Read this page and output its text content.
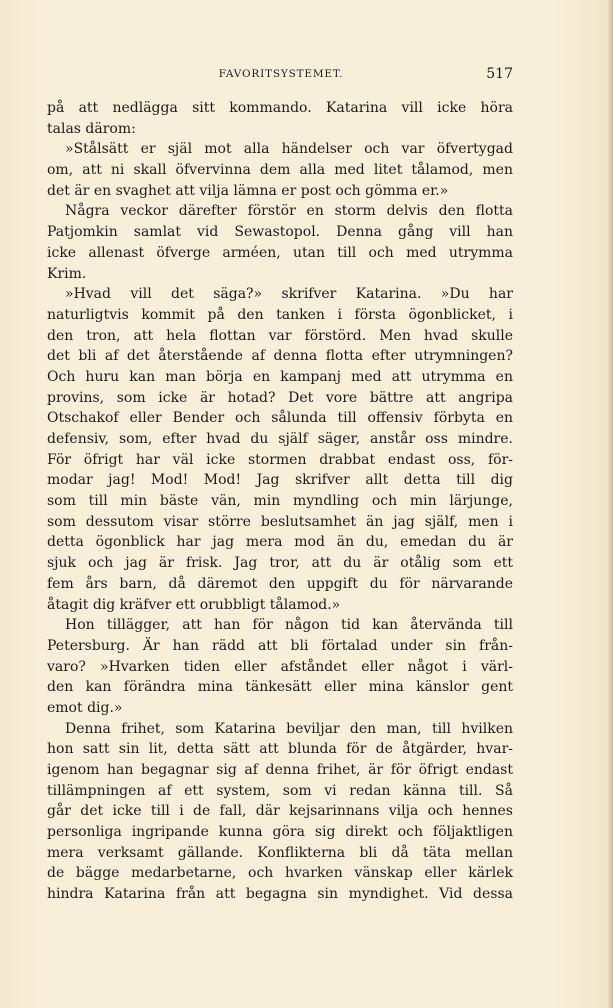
FAVORITSYSTEMET.	517
på att nedlägga sitt kommando. Katarina vill icke höra
talas därom:
»Stålsätt er själ mot alla händelser och var öfvertygad
om, att ni skall öfvervinna dem alla med litet tålamod, men
det är en svaghet att vilja lämna er post och gömma er.»
Några veckor därefter förstör en storm delvis den flotta
Patjomkin samlat vid Sewastopol. Denna gång vill han
icke allenast öfverge arméen, utan till och med utrymma
Krim.
»Hvad vill det säga?» skrifver Katarina. »Du har
naturligtvis kommit på den tanken i första ögonblicket, i
den tron, att hela flottan var förstörd. Men hvad skulle
det bli af det återstående af denna flotta efter utrymningen?
Och huru kan man börja en kampanj med att utrymma en
provins, som icke är hotad? Det vore bättre att angripa
Otschakof eller Bender och sålunda till offensiv förbyta en
defensiv, som, efter hvad du själf säger, anstår oss mindre.
För öfrigt har väl icke stormen drabbat endast oss, för-
modar jag! Mod! Mod! Jag skrifver allt detta till dig
som till min bäste vän, min myndling och min lärjunge,
som dessutom visar större beslutsamhet än jag själf, men i
detta ögonblick har jag mera mod än du, emedan du är
sjuk och jag är frisk. Jag tror, att du är otålig som ett
fem års barn, då däremot den uppgift du för närvarande
åtagit dig kräfver ett orubbligt tålamod.»
Hon tillägger, att han för någon tid kan återvända till
Petersburg. Är han rädd att bli förtalad under sin från-
varo? »Hvarken tiden eller afståndet eller något i värl-
den kan förändra mina tänkesätt eller mina känslor gent
emot dig.»
Denna frihet, som Katarina beviljar den man, till hvilken
hon satt sin lit, detta sätt att blunda för de åtgärder, hvar-
igenom han begagnar sig af denna frihet, är för öfrigt endast
tillämpningen af ett system, som vi redan känna till. Så
går det icke till i de fall, där kejsarinnans vilja och hennes
personliga ingripande kunna göra sig direkt och följaktligen
mera verksamt gällande. Konflikterna bli då täta mellan
de bägge medarbetarne, och hvarken vänskap eller kärlek
hindra Katarina från att begagna sin myndighet. Vid dessa
